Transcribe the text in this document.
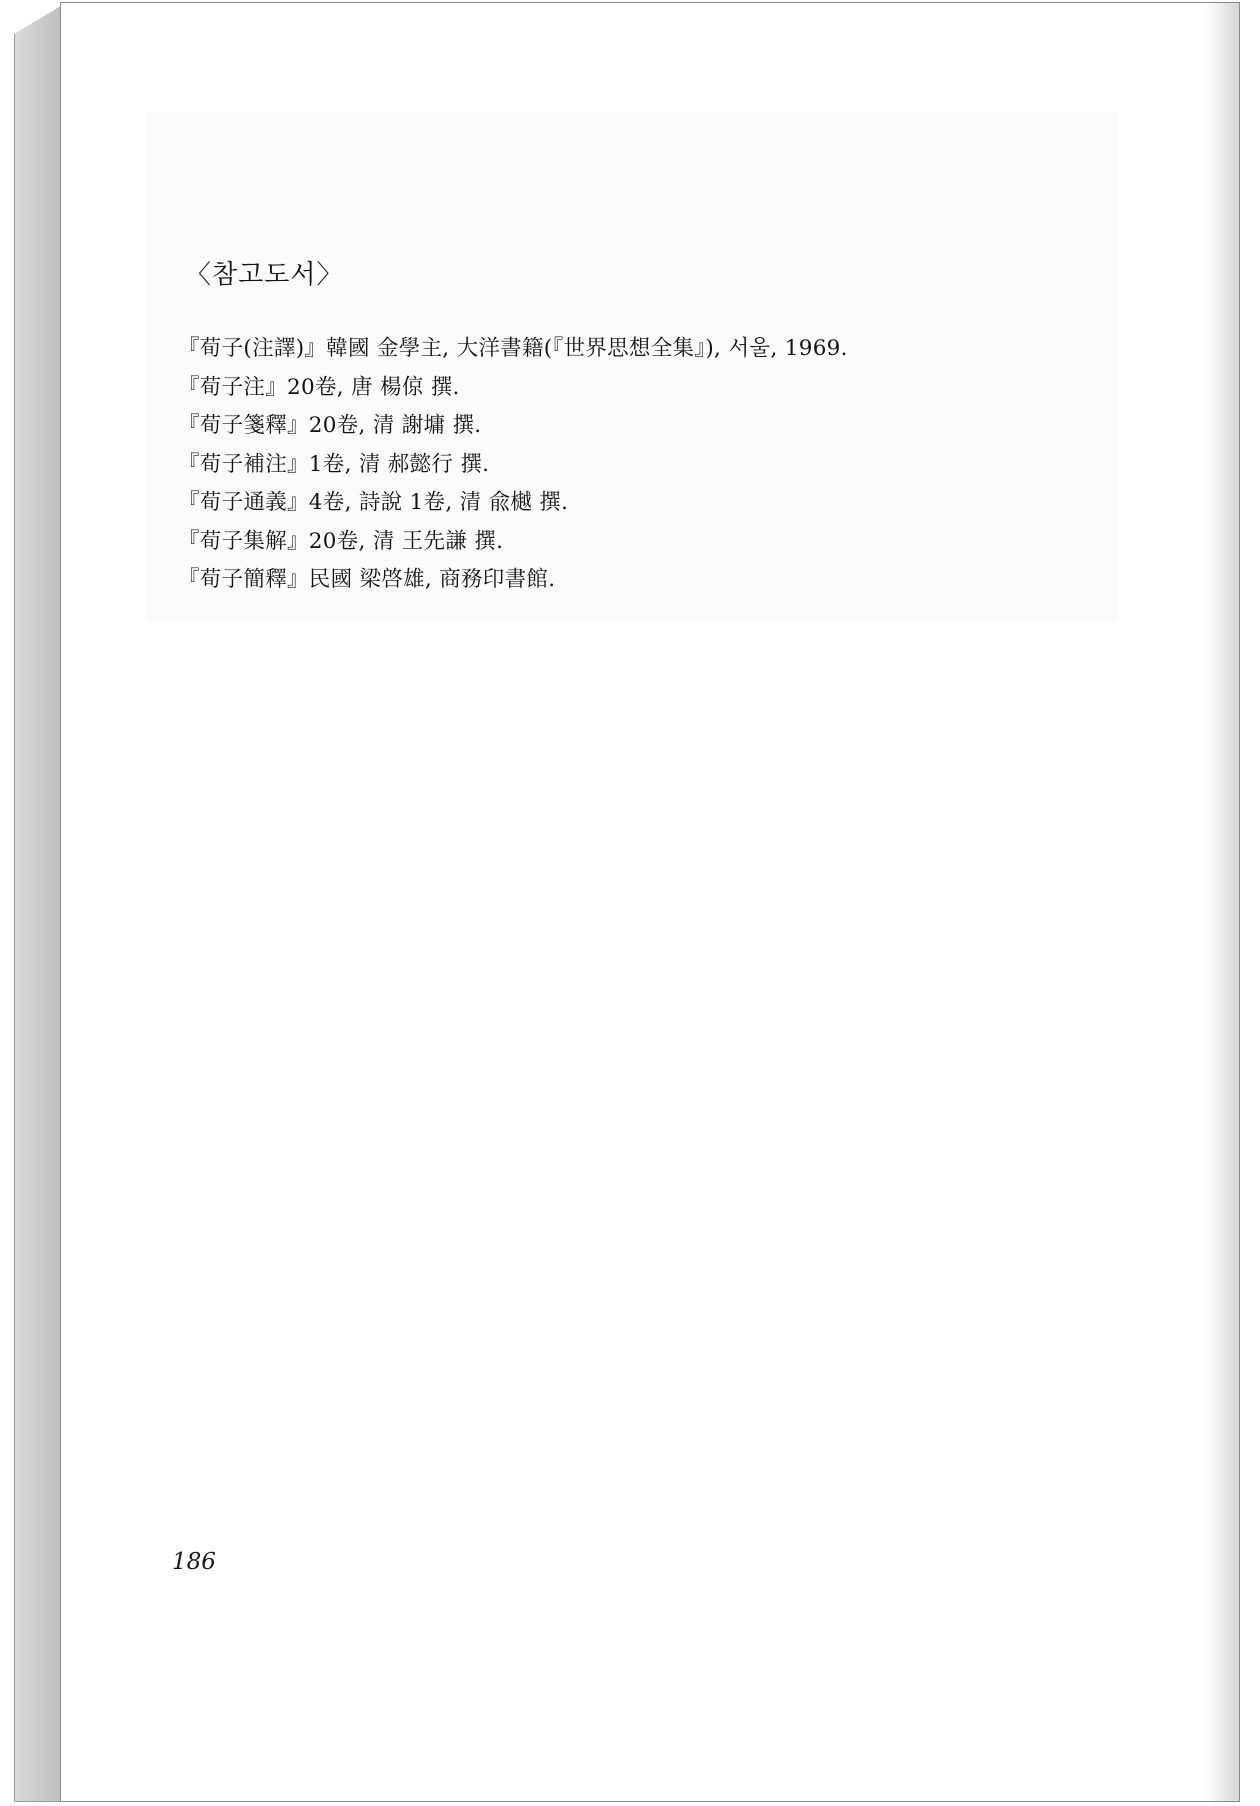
〈참고도서〉
『荀子(注譯)』韓國 金學主, 大洋書籍(『世界思想全集』), 서울, 1969.
『荀子注』20卷, 唐 楊倞 撰.
『荀子箋釋』20卷, 清 謝墉 撰.
『荀子補注』1卷, 清 郝懿行 撰.
『荀子通義』4卷, 詩說 1卷, 清 兪樾 撰.
『荀子集解』20卷, 清 王先謙 撰.
『荀子簡釋』民國 梁啓雄, 商務印書館.
186
